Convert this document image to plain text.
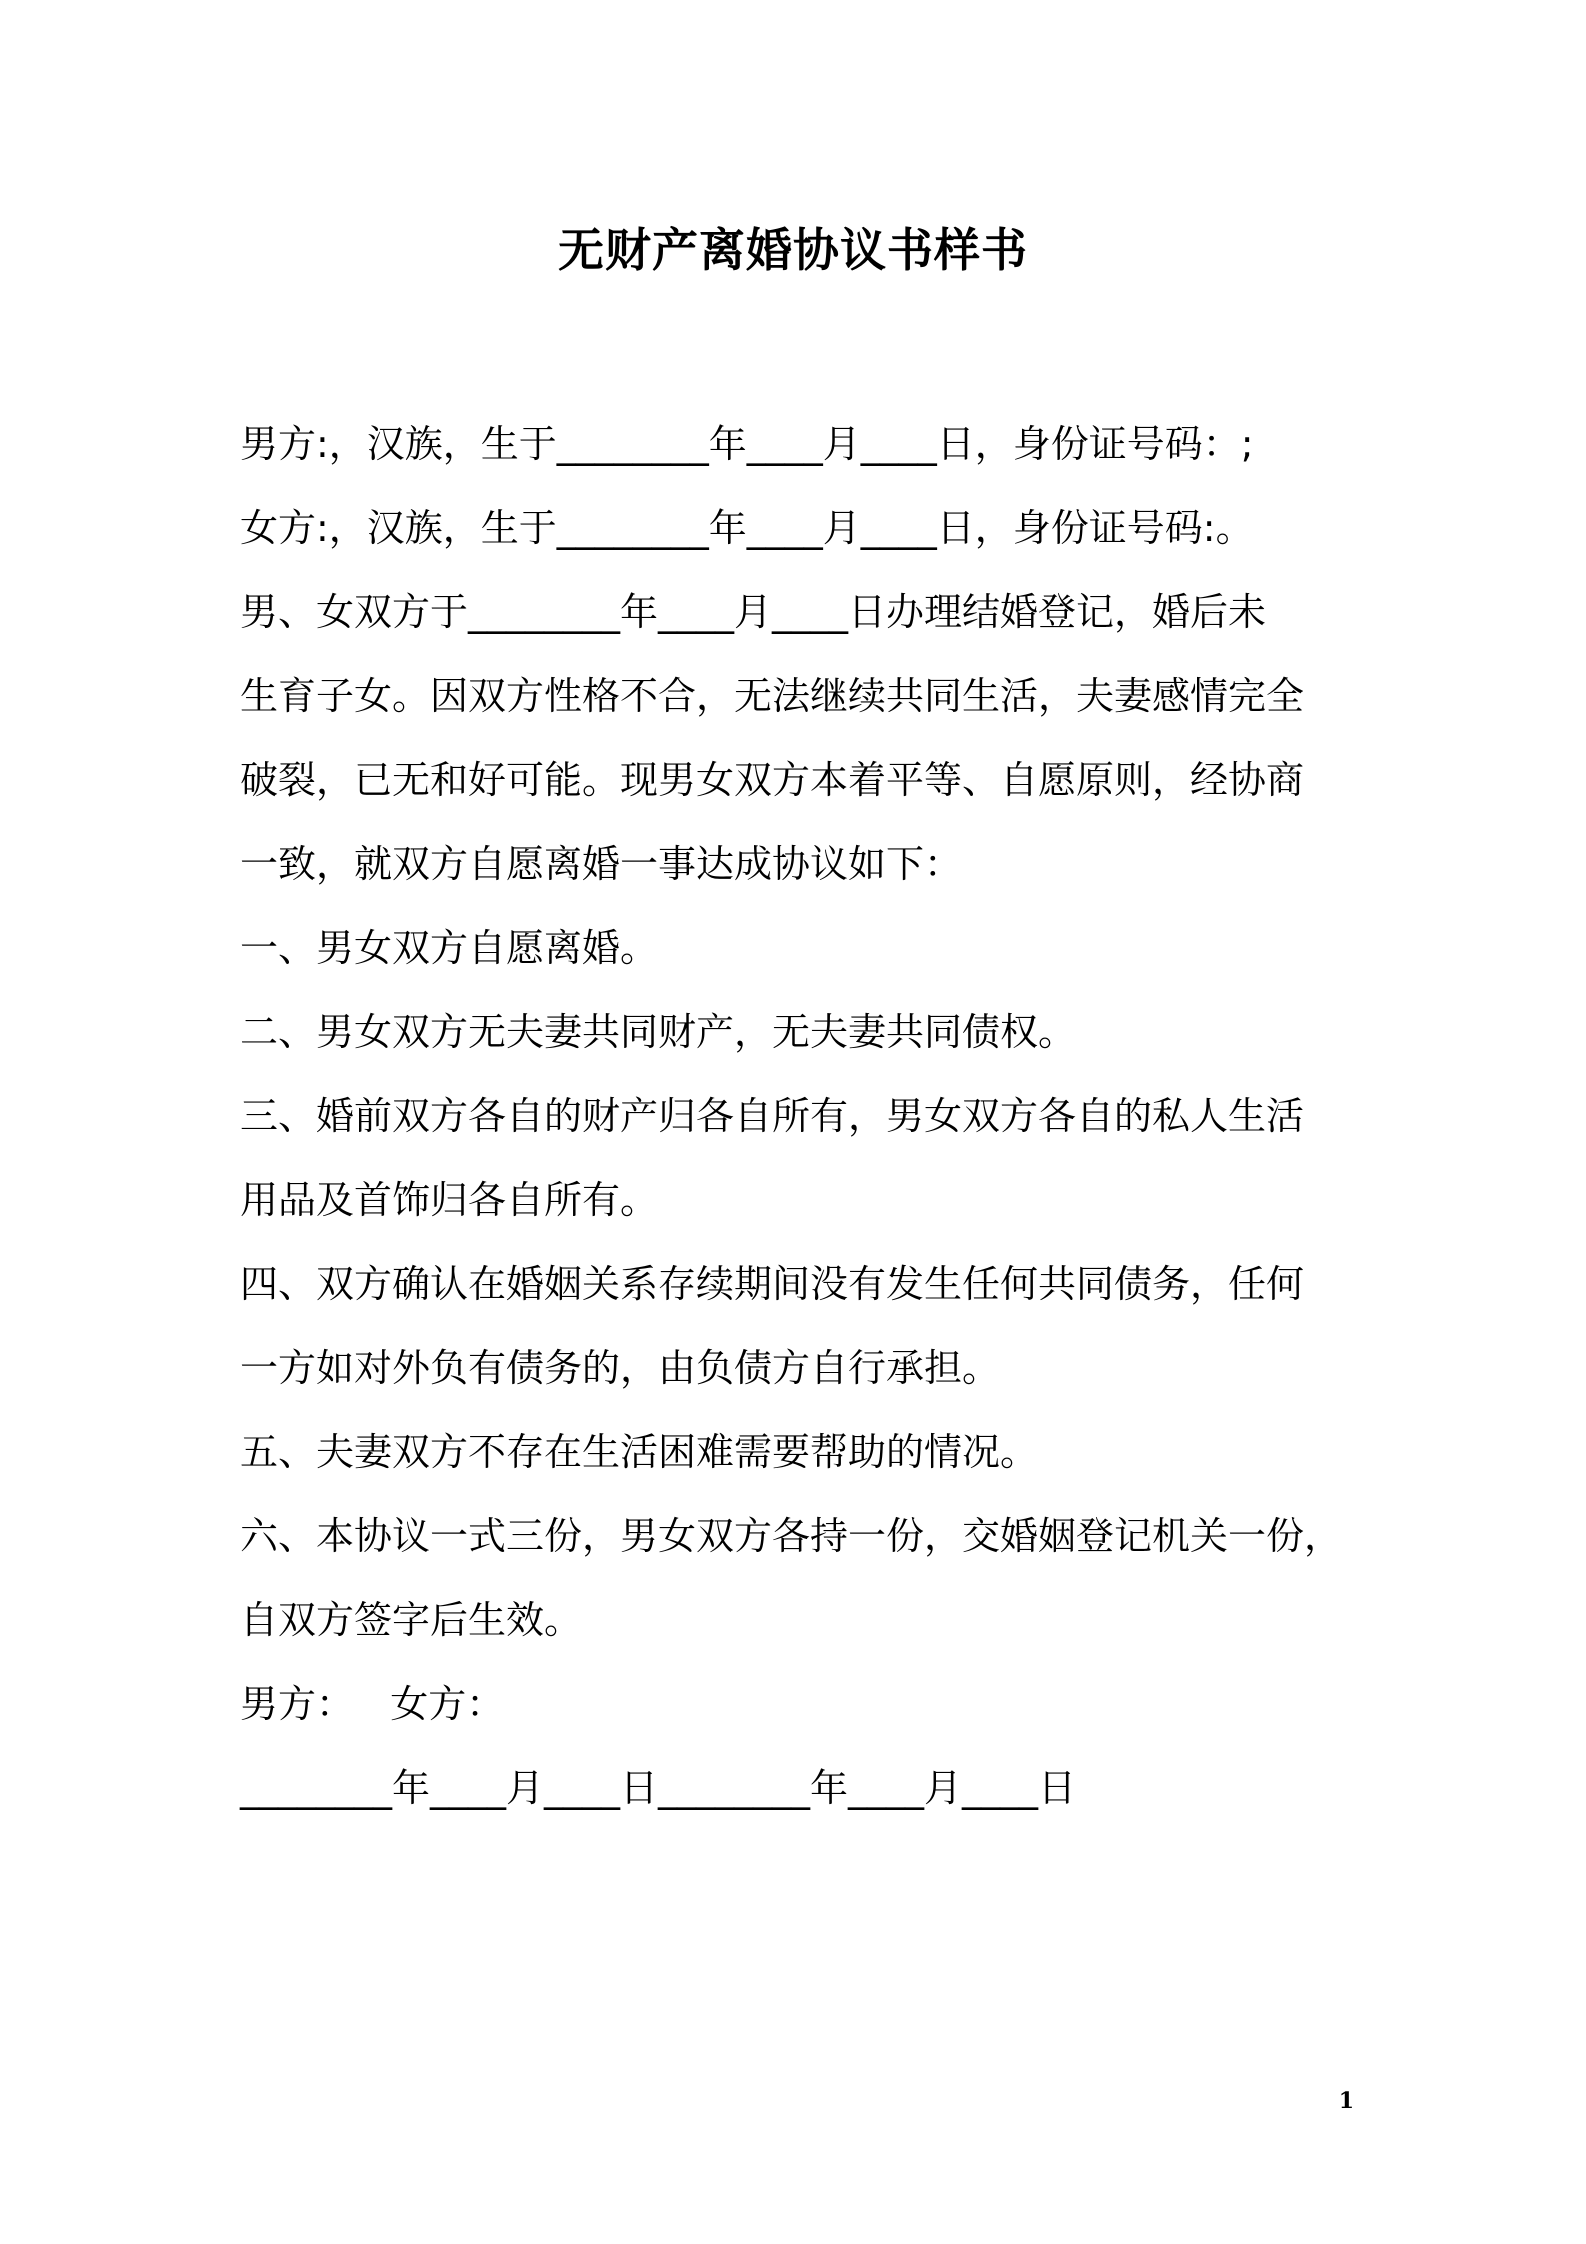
无财产离婚协议书样书
男方:，汉族，生于________年____月____日，身份证号码：;
女方:，汉族，生于________年____月____日，身份证号码:。
男、女双方于________年____月____日办理结婚登记，婚后未
生育子女。因双方性格不合，无法继续共同生活，夫妻感情完全
破裂，已无和好可能。现男女双方本着平等、自愿原则，经协商
一致，就双方自愿离婚一事达成协议如下：
一、男女双方自愿离婚。
二、男女双方无夫妻共同财产，无夫妻共同债权。
三、婚前双方各自的财产归各自所有，男女双方各自的私人生活
用品及首饰归各自所有。
四、双方确认在婚姻关系存续期间没有发生任何共同债务，任何
一方如对外负有债务的，由负债方自行承担。
五、夫妻双方不存在生活困难需要帮助的情况。
六、本协议一式三份，男女双方各持一份，交婚姻登记机关一份，
自双方签字后生效。
男方：   女方：
________年____月____日________年____月____日
1
